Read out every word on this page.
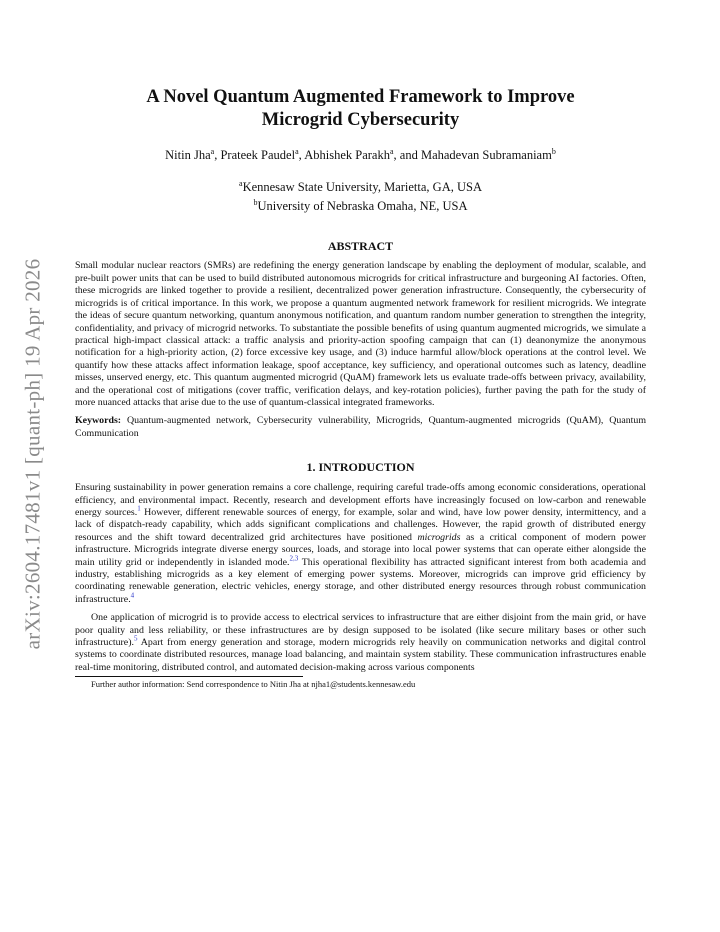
arXiv:2604.17481v1 [quant-ph] 19 Apr 2026
A Novel Quantum Augmented Framework to Improve
Microgrid Cybersecurity
Nitin Jha$^a$, Prateek Paudel$^a$, Abhishek Parakh$^a$, and Mahadevan Subramaniam$^b$
$^a$Kennesaw State University, Marietta, GA, USA
$^b$University of Nebraska Omaha, NE, USA
ABSTRACT

Small modular nuclear reactors (SMRs) are redefining the energy generation landscape by enabling the deployment of modular, scalable, and pre-built power units that can be used to build distributed autonomous microgrids for critical infrastructure and burgeoning AI factories. Often, these microgrids are linked together to provide a resilient, decentralized power generation infrastructure. Consequently, the cybersecurity of microgrids is of critical importance. In this work, we propose a quantum augmented network framework for resilient microgrids. We integrate the ideas of secure quantum networking, quantum anonymous notification, and quantum random number generation to strengthen the integrity, confidentiality, and privacy of microgrid networks. To substantiate the possible benefits of using quantum augmented microgrids, we simulate a practical high-impact classical attack: a traffic analysis and priority-action spoofing campaign that can (1) deanonymize the anonymous notification for a high-priority action, (2) force excessive key usage, and (3) induce harmful allow/block operations at the control level. We quantify how these attacks affect information leakage, spoof acceptance, key sufficiency, and operational outcomes such as latency, deadline misses, unserved energy, etc. This quantum augmented microgrid (QuAM) framework lets us evaluate trade-offs between privacy, availability, and the operational cost of mitigations (cover traffic, verification delays, and key-rotation policies), further paving the path for the study of more nuanced attacks that arise due to the use of quantum-classical integrated frameworks.

Keywords: Quantum-augmented network, Cybersecurity vulnerability, Microgrids, Quantum-augmented microgrids (QuAM), Quantum Communication

1. INTRODUCTION

Ensuring sustainability in power generation remains a core challenge, requiring careful trade-offs among economic considerations, operational efficiency, and environmental impact. Recently, research and development efforts have increasingly focused on low-carbon and renewable energy sources.$^1$ However, different renewable sources of energy, for example, solar and wind, have low power density, intermittency, and a lack of dispatch-ready capability, which adds significant complications and challenges. However, the rapid growth of distributed energy resources and the shift toward decentralized grid architectures have positioned microgrids as a critical component of modern power infrastructure. Microgrids integrate diverse energy sources, loads, and storage into local power systems that can operate either alongside the main utility grid or independently in islanded mode.$^{2,3}$ This operational flexibility has attracted significant interest from both academia and industry, establishing microgrids as a key element of emerging power systems. Moreover, microgrids can improve grid efficiency by coordinating renewable generation, electric vehicles, energy storage, and other distributed energy resources through robust communication infrastructure.$^4$

One application of microgrid is to provide access to electrical services to infrastructure that are either disjoint from the main grid, or have poor quality and less reliability, or these infrastructures are by design supposed to be isolated (like secure military bases or other such infrastructure).$^5$ Apart from energy generation and storage, modern microgrids rely heavily on communication networks and digital control systems to coordinate distributed resources, manage load balancing, and maintain system stability. These communication infrastructures enable real-time monitoring, distributed control, and automated decision-making across various components

Further author information: Send correspondence to Nitin Jha at njha1@students.kennesaw.edu
